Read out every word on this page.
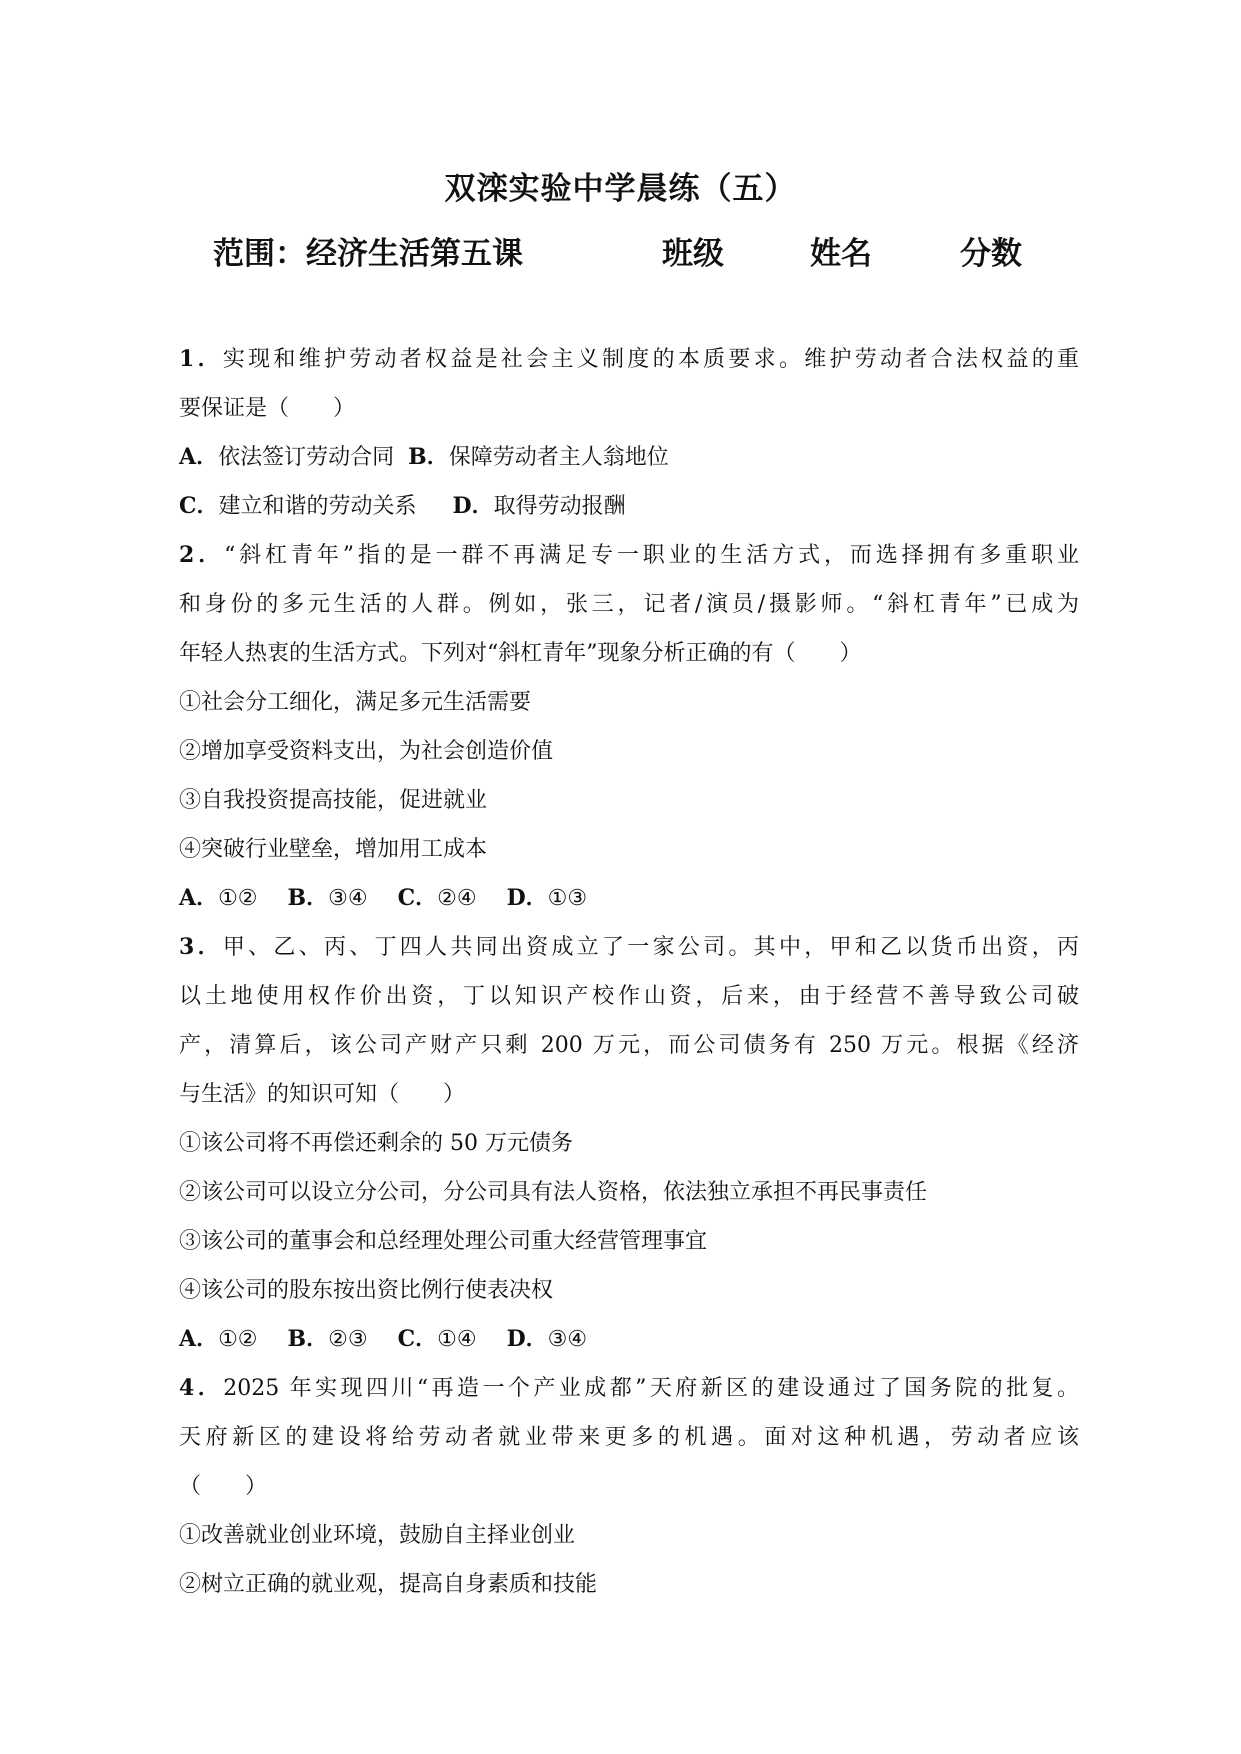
双滦实验中学晨练（五）
范围：经济生活第五课	班级	姓名	分数
1．实现和维护劳动者权益是社会主义制度的本质要求。维护劳动者合法权益的重
要保证是（　　）
A．依法签订劳动合同 B．保障劳动者主人翁地位
C．建立和谐的劳动关系 D．取得劳动报酬
2．“斜杠青年”指的是一群不再满足专一职业的生活方式，而选择拥有多重职业
和身份的多元生活的人群。例如，张三，记者/演员/摄影师。“斜杠青年”已成为
年轻人热衷的生活方式。下列对“斜杠青年”现象分析正确的有（　　）
①社会分工细化，满足多元生活需要
②增加享受资料支出，为社会创造价值
③自我投资提高技能，促进就业
④突破行业壁垒，增加用工成本
A．①② B．③④ C．②④ D．①③
3．甲、乙、丙、丁四人共同出资成立了一家公司。其中，甲和乙以货币出资，丙
以土地使用权作价出资，丁以知识产校作山资，后来，由于经营不善导致公司破
产，清算后，该公司产财产只剩 200 万元，而公司债务有 250 万元。根据《经济
与生活》的知识可知（　　）
①该公司将不再偿还剩余的 50 万元债务
②该公司可以设立分公司，分公司具有法人资格，依法独立承担不再民事责任
③该公司的董事会和总经理处理公司重大经营管理事宜
④该公司的股东按出资比例行使表决权
A．①② B．②③ C．①④ D．③④
4．2025 年实现四川“再造一个产业成都”天府新区的建设通过了国务院的批复。
天府新区的建设将给劳动者就业带来更多的机遇。面对这种机遇，劳动者应该
（　　）
①改善就业创业环境，鼓励自主择业创业
②树立正确的就业观，提高自身素质和技能
